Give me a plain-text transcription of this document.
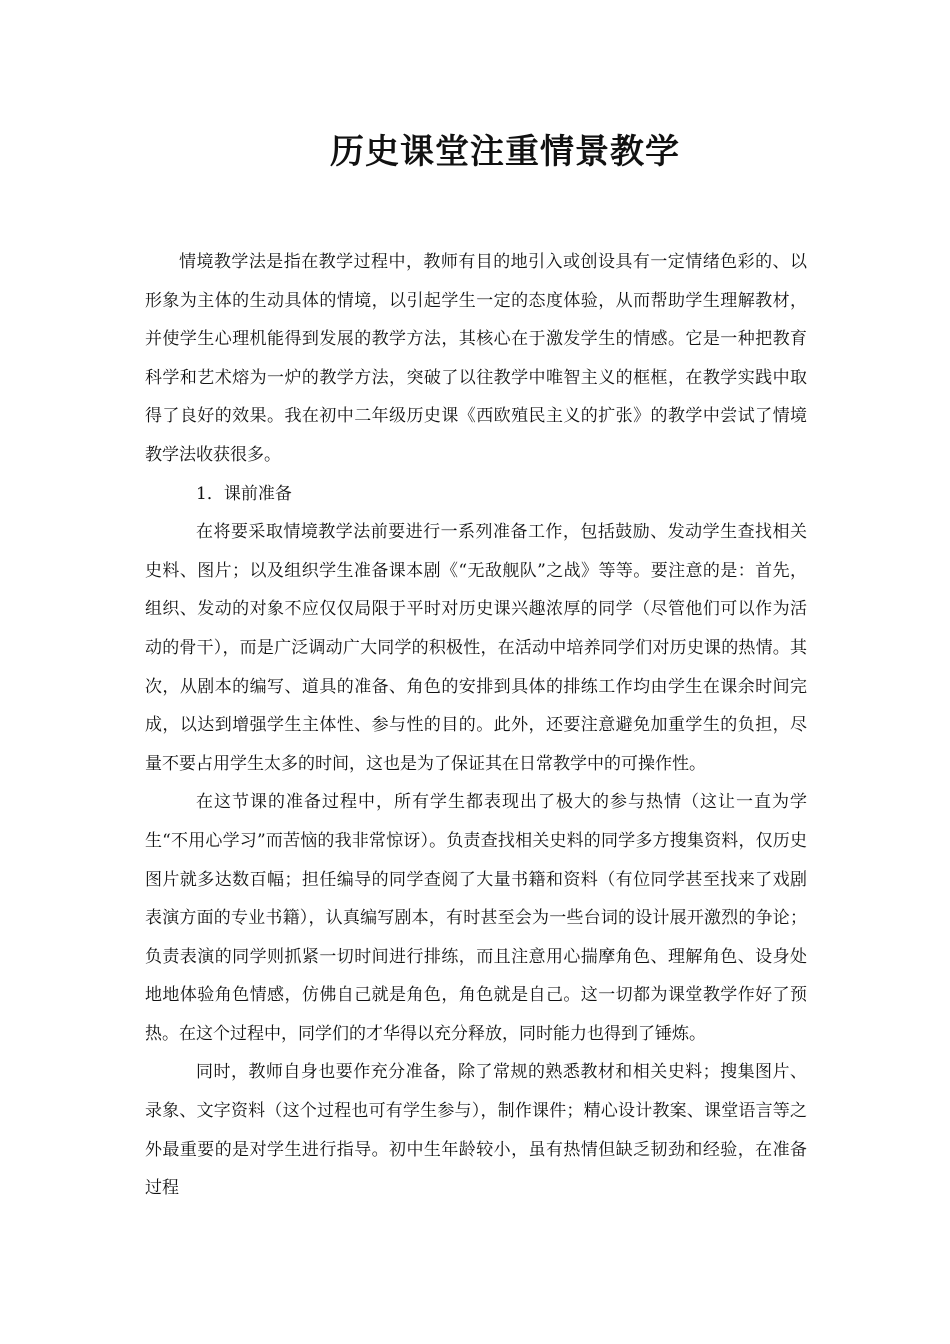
历史课堂注重情景教学

情境教学法是指在教学过程中，教师有目的地引入或创设具有一定情绪色彩的、以形象为主体的生动具体的情境，以引起学生一定的态度体验，从而帮助学生理解教材，并使学生心理机能得到发展的教学方法，其核心在于激发学生的情感。它是一种把教育科学和艺术熔为一炉的教学方法，突破了以往教学中唯智主义的框框，在教学实践中取得了良好的效果。我在初中二年级历史课《西欧殖民主义的扩张》的教学中尝试了情境教学法收获很多。

1．课前准备

在将要采取情境教学法前要进行一系列准备工作，包括鼓励、发动学生查找相关史料、图片；以及组织学生准备课本剧《“无敌舰队”之战》等等。要注意的是：首先，组织、发动的对象不应仅仅局限于平时对历史课兴趣浓厚的同学（尽管他们可以作为活动的骨干），而是广泛调动广大同学的积极性，在活动中培养同学们对历史课的热情。其次，从剧本的编写、道具的准备、角色的安排到具体的排练工作均由学生在课余时间完成，以达到增强学生主体性、参与性的目的。此外，还要注意避免加重学生的负担，尽量不要占用学生太多的时间，这也是为了保证其在日常教学中的可操作性。

在这节课的准备过程中，所有学生都表现出了极大的参与热情（这让一直为学生“不用心学习”而苦恼的我非常惊讶）。负责查找相关史料的同学多方搜集资料，仅历史图片就多达数百幅；担任编导的同学查阅了大量书籍和资料（有位同学甚至找来了戏剧表演方面的专业书籍），认真编写剧本，有时甚至会为一些台词的设计展开激烈的争论；负责表演的同学则抓紧一切时间进行排练，而且注意用心揣摩角色、理解角色、设身处地地体验角色情感，仿佛自己就是角色，角色就是自己。这一切都为课堂教学作好了预热。在这个过程中，同学们的才华得以充分释放，同时能力也得到了锤炼。

同时，教师自身也要作充分准备，除了常规的熟悉教材和相关史料；搜集图片、录象、文字资料（这个过程也可有学生参与），制作课件；精心设计教案、课堂语言等之外最重要的是对学生进行指导。初中生年龄较小，虽有热情但缺乏韧劲和经验，在准备过程
